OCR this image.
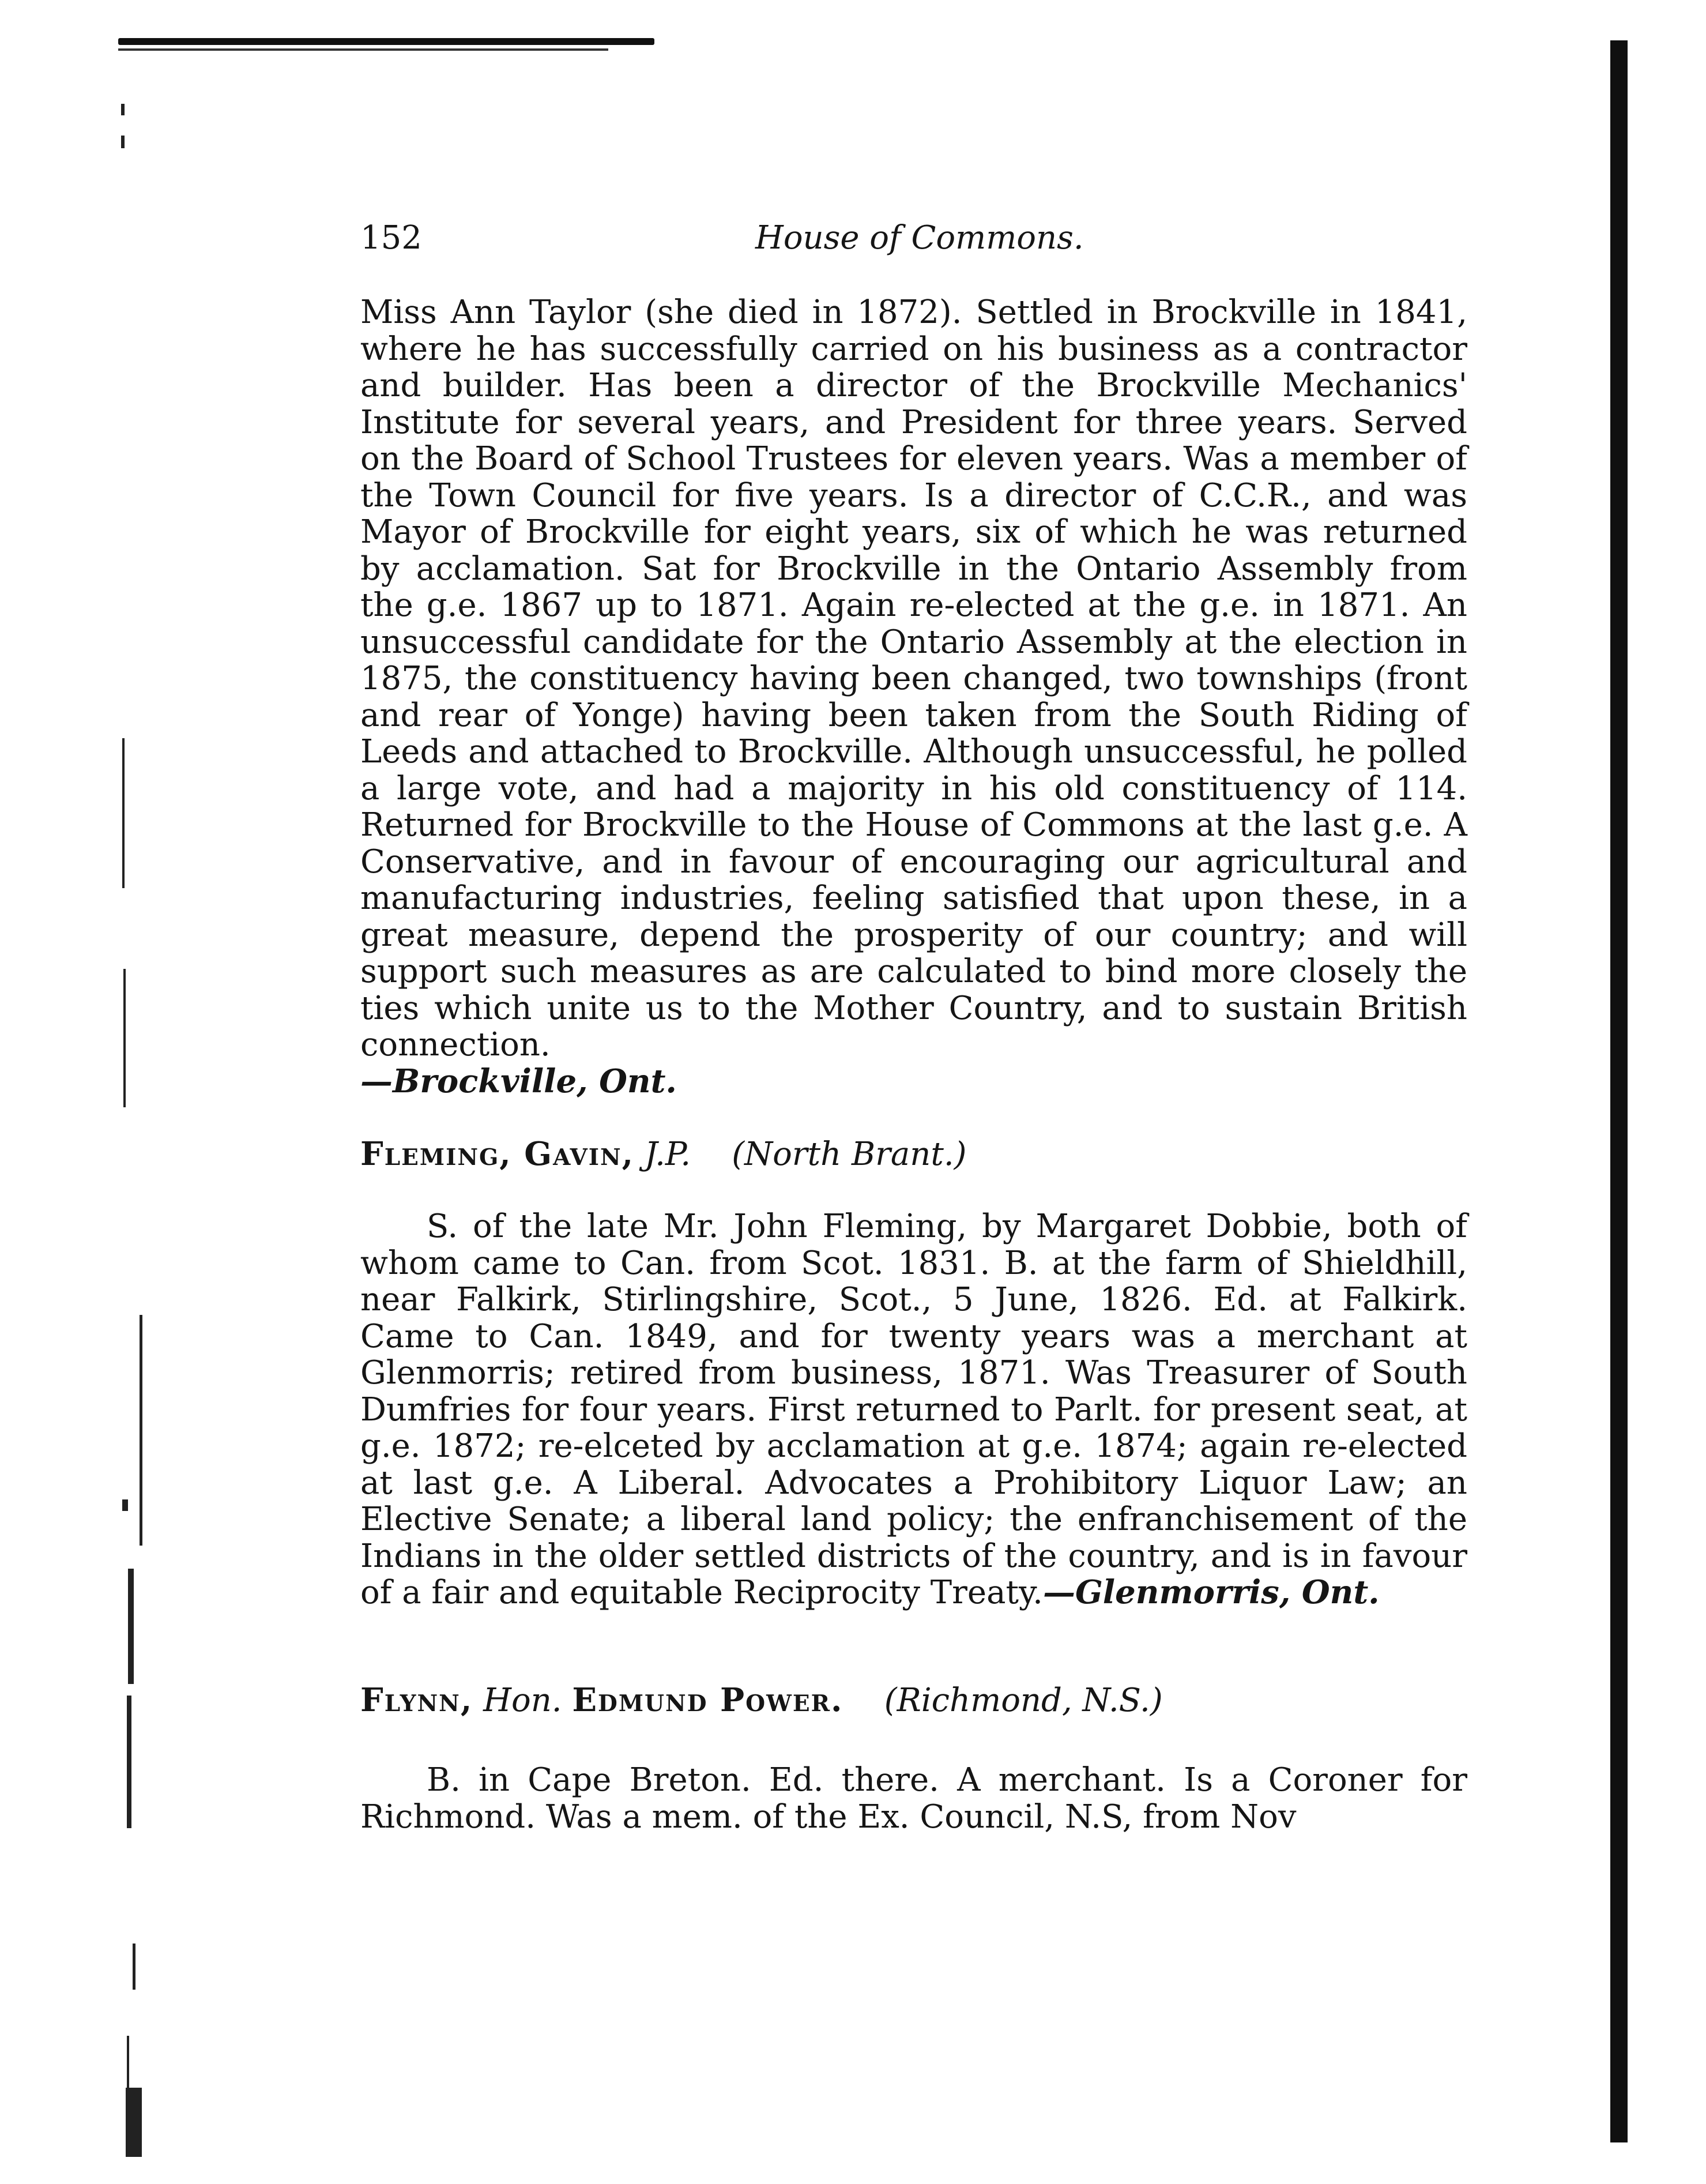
152	House of Commons.
Miss Ann Taylor (she died in 1872). Settled in Brockville in 1841, where he has successfully carried on his business as a contractor and builder. Has been a director of the Brockville Mechanics' Institute for several years, and President for three years. Served on the Board of School Trustees for eleven years. Was a member of the Town Council for five years. Is a director of C.C.R., and was Mayor of Brockville for eight years, six of which he was returned by acclamation. Sat for Brockville in the Ontario Assembly from the g.e. 1867 up to 1871. Again re-elected at the g.e. in 1871. An unsuccessful candidate for the Ontario Assembly at the election in 1875, the constituency having been changed, two townships (front and rear of Yonge) having been taken from the South Riding of Leeds and attached to Brockville. Although unsuccessful, he polled a large vote, and had a majority in his old constituency of 114. Returned for Brockville to the House of Commons at the last g.e. A Conservative, and in favour of encouraging our agricultural and manufacturing industries, feeling satisfied that upon these, in a great measure, depend the prosperity of our country; and will support such measures as are calculated to bind more closely the ties which unite us to the Mother Country, and to sustain British connection.
—Brockville, Ont.
Fleming, Gavin, J.P. (North Brant.)
S. of the late Mr. John Fleming, by Margaret Dobbie, both of whom came to Can. from Scot. 1831. B. at the farm of Shieldhill, near Falkirk, Stirlingshire, Scot., 5 June, 1826. Ed. at Falkirk. Came to Can. 1849, and for twenty years was a merchant at Glenmorris; retired from business, 1871. Was Treasurer of South Dumfries for four years. First returned to Parlt. for present seat, at g.e. 1872; re-elceted by acclamation at g.e. 1874; again re-elected at last g.e. A Liberal. Advocates a Prohibitory Liquor Law; an Elective Senate; a liberal land policy; the enfranchisement of the Indians in the older settled districts of the country, and is in favour of a fair and equitable Reciprocity Treaty.—Glenmorris, Ont.
Flynn, Hon. Edmund Power. (Richmond, N.S.)
B. in Cape Breton. Ed. there. A merchant. Is a Coroner for Richmond. Was a mem. of the Ex. Council, N.S, from Nov
